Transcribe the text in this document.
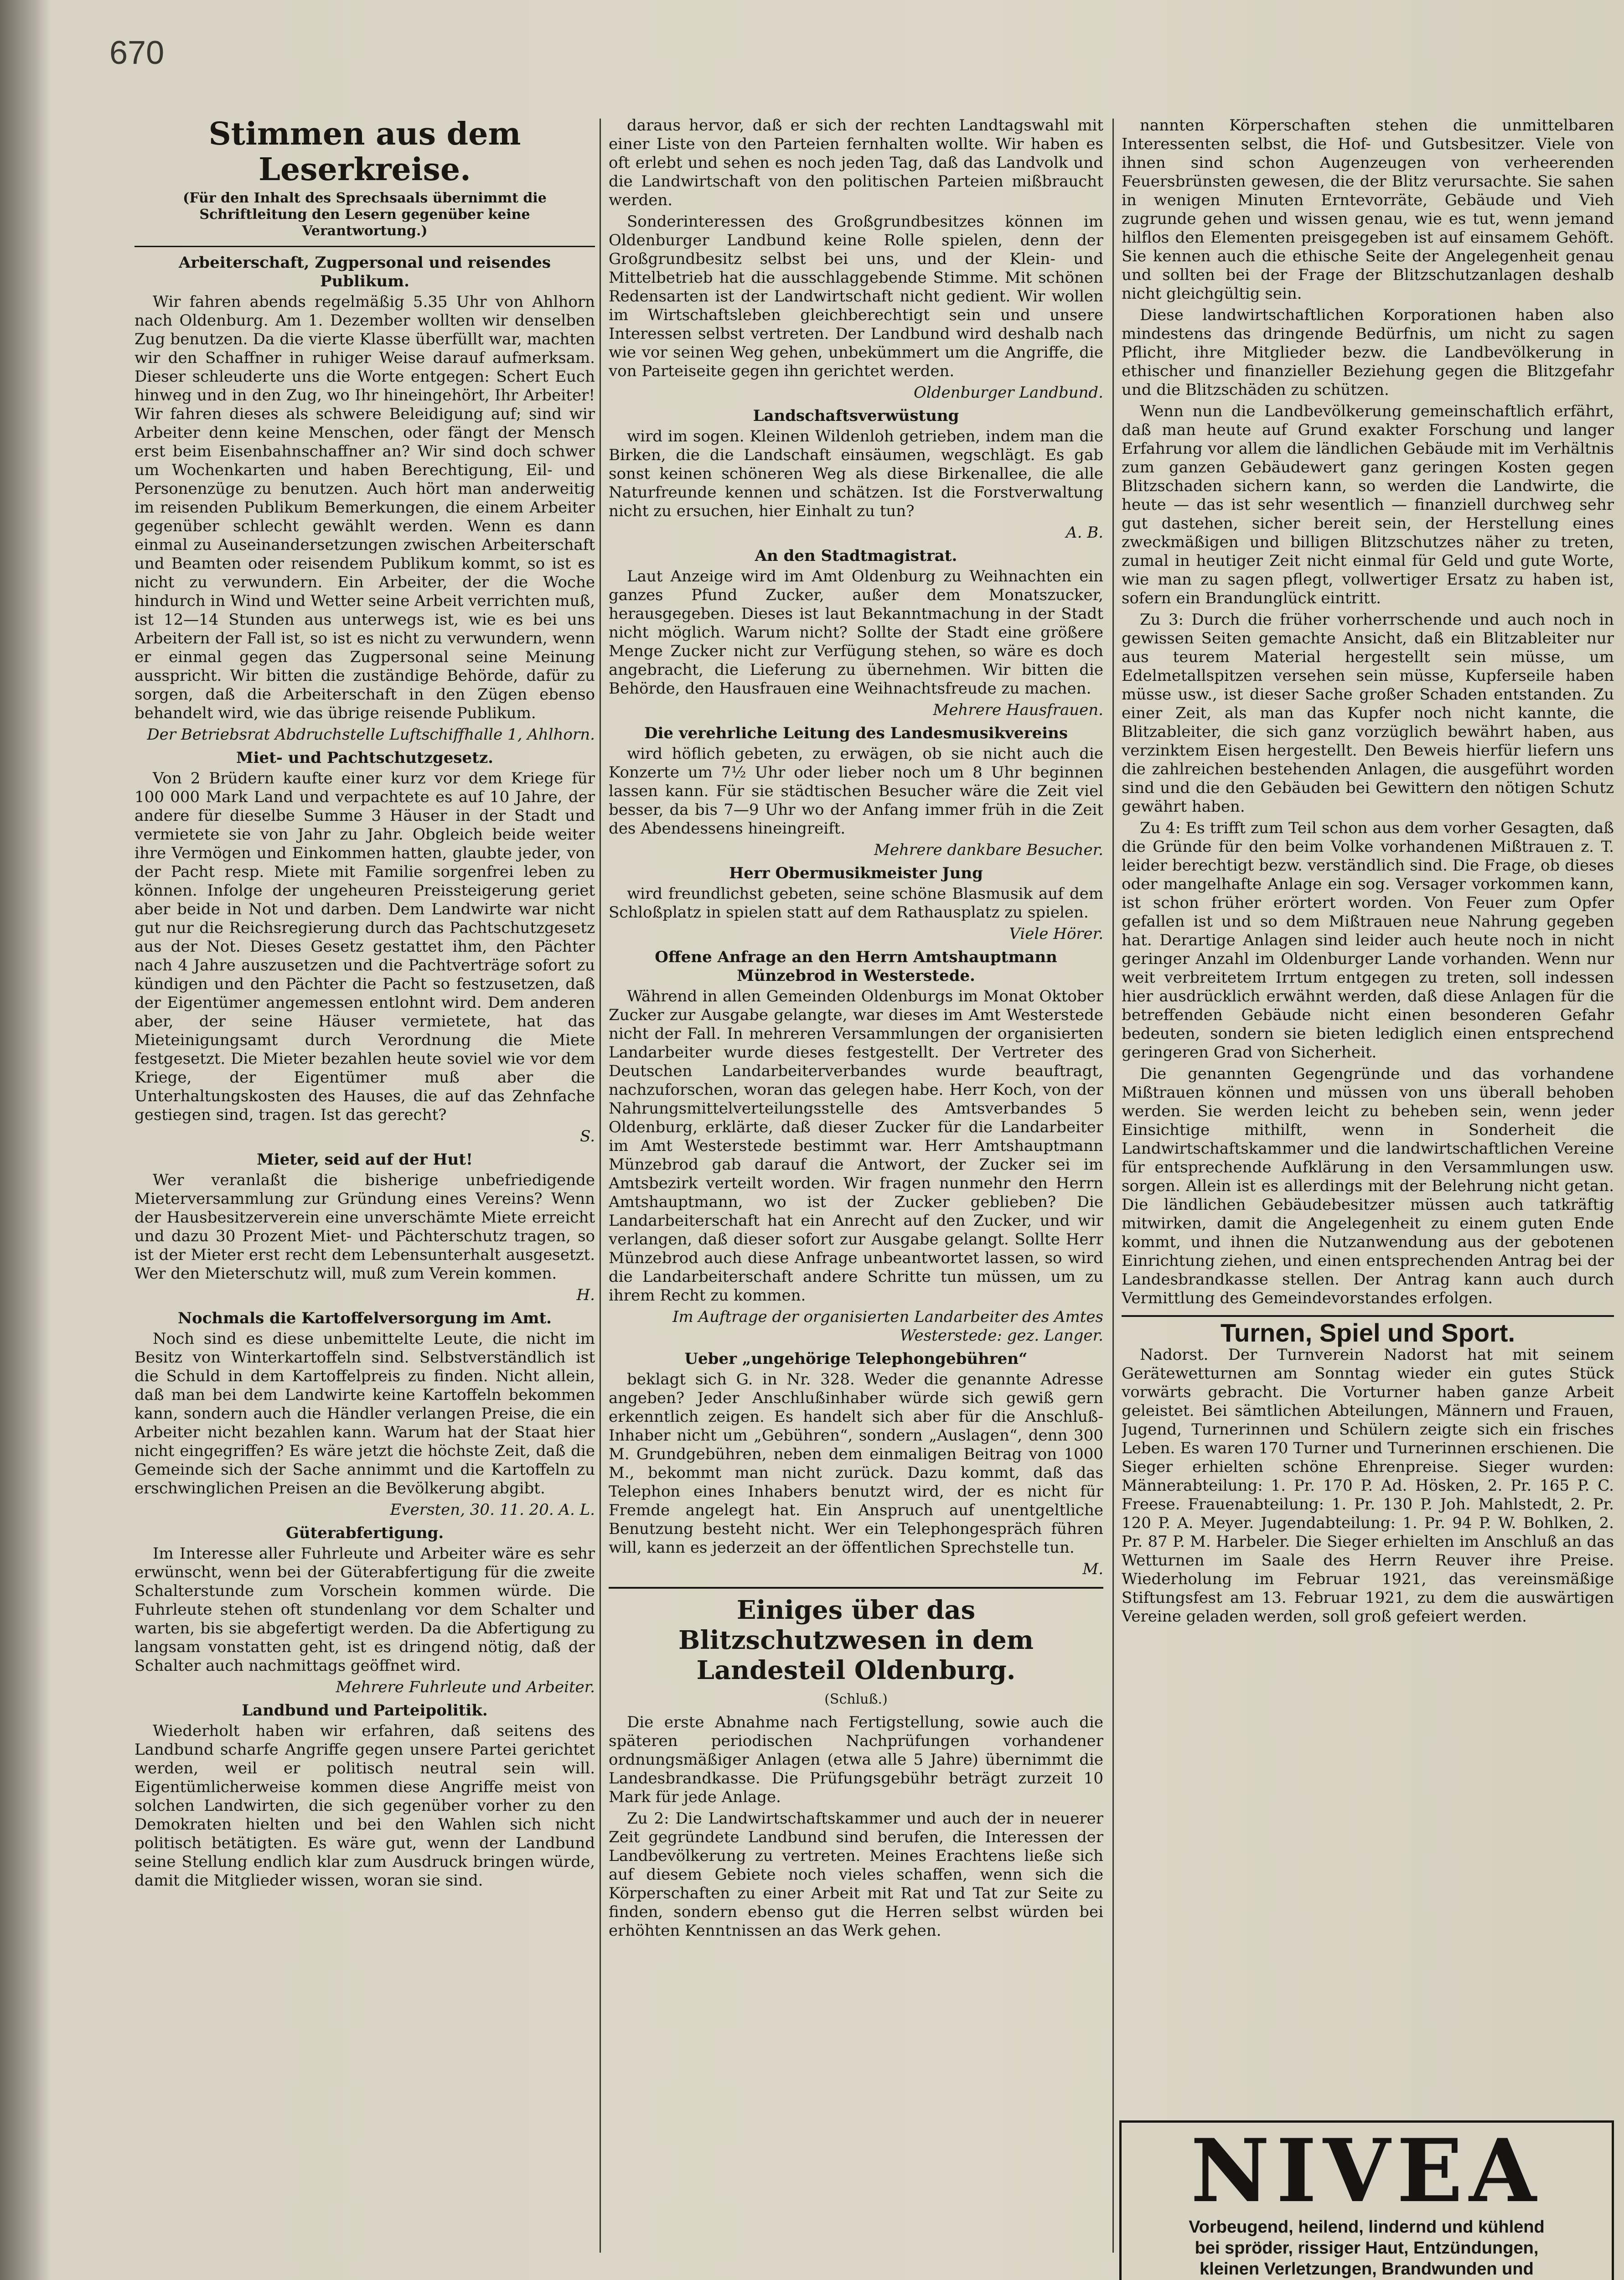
670
Stimmen aus dem Leserkreise.
(Für den Inhalt des Sprechsaals übernimmt die Schriftleitung den Lesern gegenüber keine Verantwortung.)
Arbeiterschaft, Zugpersonal und reisendes Publikum.

Wir fahren abends regelmäßig 5.35 Uhr von Ahlhorn nach Oldenburg. Am 1. Dezember wollten wir denselben Zug benutzen. Da die vierte Klasse überfüllt war, machten wir den Schaffner in ruhiger Weise darauf aufmerksam. Dieser schleuderte uns die Worte entgegen: Schert Euch hinweg und in den Zug, wo Ihr hineingehört, Ihr Arbeiter! Wir fahren dieses als schwere Beleidigung auf; sind wir Arbeiter denn keine Menschen, oder fängt der Mensch erst beim Eisenbahnschaffner an? Wir sind doch schwer um Wochenkarten und haben Berechtigung, Eil- und Personenzüge zu benutzen. Auch hört man anderweitig im reisenden Publikum Bemerkungen, die einem Arbeiter gegenüber schlecht gewählt werden. Wenn es dann einmal zu Auseinandersetzungen zwischen Arbeiterschaft und Beamten oder reisendem Publikum kommt, so ist es nicht zu verwundern. Ein Arbeiter, der die Woche hindurch in Wind und Wetter seine Arbeit verrichten muß, ist 12—14 Stunden aus unterwegs ist, wie es bei uns Arbeitern der Fall ist, so ist es nicht zu verwundern, wenn er einmal gegen das Zugpersonal seine Meinung ausspricht. Wir bitten die zuständige Behörde, dafür zu sorgen, daß die Arbeiterschaft in den Zügen ebenso behandelt wird, wie das übrige reisende Publikum.

Der Betriebsrat Abdruchstelle Luftschiffhalle 1, Ahlhorn.
Miet- und Pachtschutzgesetz.

Von 2 Brüdern kaufte einer kurz vor dem Kriege für 100 000 Mark Land und verpachtete es auf 10 Jahre, der andere für dieselbe Summe 3 Häuser in der Stadt und vermietete sie von Jahr zu Jahr. Obgleich beide weiter ihre Vermögen und Einkommen hatten, glaubte jeder, von der Pacht resp. Miete mit Familie sorgenfrei leben zu können. Infolge der ungeheuren Preissteigerung geriet aber beide in Not und darben. Dem Landwirte war nicht gut nur die Reichsregierung durch das Pachtschutzgesetz aus der Not. Dieses Gesetz gestattet ihm, den Pächter nach 4 Jahre auszusetzen und die Pachtverträge sofort zu kündigen und den Pächter die Pacht so festzusetzen, daß der Eigentümer angemessen entlohnt wird. Dem anderen aber, der seine Häuser vermietete, hat das Mieteinigungsamt durch Verordnung die Miete festgesetzt. Die Mieter bezahlen heute soviel wie vor dem Kriege, der Eigentümer muß aber die Unterhaltungskosten des Hauses, die auf das Zehnfache gestiegen sind, tragen. Ist das gerecht?

S.
Mieter, seid auf der Hut!

Wer veranlaßt die bisherige unbefriedigende Mieterversammlung zur Gründung eines Vereins? Wenn der Hausbesitzerverein eine unverschämte Miete erreicht und dazu 30 Prozent Miet- und Pächterschutz tragen, so ist der Mieter erst recht dem Lebensunterhalt ausgesetzt. Wer den Mieterschutz will, muß zum Verein kommen.

H.
Nochmals die Kartoffelversorgung im Amt.

Noch sind es diese unbemittelte Leute, die nicht im Besitz von Winterkartoffeln sind. Selbstverständlich ist die Schuld in dem Kartoffelpreis zu finden. Nicht allein, daß man bei dem Landwirte keine Kartoffeln bekommen kann, sondern auch die Händler verlangen Preise, die ein Arbeiter nicht bezahlen kann. Warum hat der Staat hier nicht eingegriffen? Es wäre jetzt die höchste Zeit, daß die Gemeinde sich der Sache annimmt und die Kartoffeln zu erschwinglichen Preisen an die Bevölkerung abgibt.

Eversten, 30. 11. 20. A. L.
Güterabfertigung.

Im Interesse aller Fuhrleute und Arbeiter wäre es sehr erwünscht, wenn bei der Güterabfertigung für die zweite Schalterstunde zum Vorschein kommen würde. Die Fuhrleute stehen oft stundenlang vor dem Schalter und warten, bis sie abgefertigt werden. Da die Abfertigung zu langsam vonstatten geht, ist es dringend nötig, daß der Schalter auch nachmittags geöffnet wird.

Mehrere Fuhrleute und Arbeiter.
Landbund und Parteipolitik.

Wiederholt haben wir erfahren, daß seitens des Landbund scharfe Angriffe gegen unsere Partei gerichtet werden, weil er politisch neutral sein will. Eigentümlicherweise kommen diese Angriffe meist von solchen Landwirten, die sich gegenüber vorher zu den Demokraten hielten und bei den Wahlen sich nicht politisch betätigten. Es wäre gut, wenn der Landbund seine Stellung endlich klar zum Ausdruck bringen würde, damit die Mitglieder wissen, woran sie sind.

daraus hervor, daß er sich der rechten Landtagswahl mit einer Liste von den Parteien fernhalten wollte. Wir haben es oft erlebt und sehen es noch jeden Tag, daß das Landvolk und die Landwirtschaft von den politischen Parteien mißbraucht werden.

Sonderinteressen des Großgrundbesitzes können im Oldenburger Landbund keine Rolle spielen, denn der Großgrundbesitz selbst bei uns, und der Klein- und Mittelbetrieb hat die ausschlaggebende Stimme. Mit schönen Redensarten ist der Landwirtschaft nicht gedient. Wir wollen im Wirtschaftsleben gleichberechtigt sein und unsere Interessen selbst vertreten. Der Landbund wird deshalb nach wie vor seinen Weg gehen, unbekümmert um die Angriffe, die von Parteiseite gegen ihn gerichtet werden.

Oldenburger Landbund.
Landschaftsverwüstung

wird im sogen. Kleinen Wildenloh getrieben, indem man die Birken, die die Landschaft einsäumen, wegschlägt. Es gab sonst keinen schöneren Weg als diese Birkenallee, die alle Naturfreunde kennen und schätzen. Ist die Forstverwaltung nicht zu ersuchen, hier Einhalt zu tun?

A. B.
An den Stadtmagistrat.

Laut Anzeige wird im Amt Oldenburg zu Weihnachten ein ganzes Pfund Zucker, außer dem Monatszucker, herausgegeben. Dieses ist laut Bekanntmachung in der Stadt nicht möglich. Warum nicht? Sollte der Stadt eine größere Menge Zucker nicht zur Verfügung stehen, so wäre es doch angebracht, die Lieferung zu übernehmen. Wir bitten die Behörde, den Hausfrauen eine Weihnachtsfreude zu machen.

Mehrere Hausfrauen.
Die verehrliche Leitung des Landesmusikvereins

wird höflich gebeten, zu erwägen, ob sie nicht auch die Konzerte um 7½ Uhr oder lieber noch um 8 Uhr beginnen lassen kann. Für sie städtischen Besucher wäre die Zeit viel besser, da bis 7—9 Uhr wo der Anfang immer früh in die Zeit des Abendessens hineingreift.

Mehrere dankbare Besucher.
Herr Obermusikmeister Jung

wird freundlichst gebeten, seine schöne Blasmusik auf dem Schloßplatz in spielen statt auf dem Rathausplatz zu spielen.

Viele Hörer.
Offene Anfrage an den Herrn Amtshauptmann Münzebrod in Westerstede.

Während in allen Gemeinden Oldenburgs im Monat Oktober Zucker zur Ausgabe gelangte, war dieses im Amt Westerstede nicht der Fall. In mehreren Versammlungen der organisierten Landarbeiter wurde dieses festgestellt. Der Vertreter des Deutschen Landarbeiterverbandes wurde beauftragt, nachzuforschen, woran das gelegen habe. Herr Koch, von der Nahrungsmittelverteilungsstelle des Amtsverbandes 5 Oldenburg, erklärte, daß dieser Zucker für die Landarbeiter im Amt Westerstede bestimmt war. Herr Amtshauptmann Münzebrod gab darauf die Antwort, der Zucker sei im Amtsbezirk verteilt worden. Wir fragen nunmehr den Herrn Amtshauptmann, wo ist der Zucker geblieben? Die Landarbeiterschaft hat ein Anrecht auf den Zucker, und wir verlangen, daß dieser sofort zur Ausgabe gelangt. Sollte Herr Münzebrod auch diese Anfrage unbeantwortet lassen, so wird die Landarbeiterschaft andere Schritte tun müssen, um zu ihrem Recht zu kommen.

Im Auftrage der organisierten Landarbeiter des Amtes Westerstede: gez. Langer.
Ueber „ungehörige Telephongebühren“

beklagt sich G. in Nr. 328. Weder die genannte Adresse angeben? Jeder Anschlußinhaber würde sich gewiß gern erkenntlich zeigen. Es handelt sich aber für die Anschluß-Inhaber nicht um „Gebühren“, sondern „Auslagen“, denn 300 M. Grundgebühren, neben dem einmaligen Beitrag von 1000 M., bekommt man nicht zurück. Dazu kommt, daß das Telephon eines Inhabers benutzt wird, der es nicht für Fremde angelegt hat. Ein Anspruch auf unentgeltliche Benutzung besteht nicht. Wer ein Telephongespräch führen will, kann es jederzeit an der öffentlichen Sprechstelle tun.

M.
Einiges über das Blitzschutzwesen in dem Landesteil Oldenburg.
(Schluß.)

Die erste Abnahme nach Fertigstellung, sowie auch die späteren periodischen Nachprüfungen vorhandener ordnungsmäßiger Anlagen (etwa alle 5 Jahre) übernimmt die Landesbrandkasse. Die Prüfungsgebühr beträgt zurzeit 10 Mark für jede Anlage.

Zu 2: Die Landwirtschaftskammer und auch der in neuerer Zeit gegründete Landbund sind berufen, die Interessen der Landbevölkerung zu vertreten. Meines Erachtens ließe sich auf diesem Gebiete noch vieles schaffen, wenn sich die Körperschaften zu einer Arbeit mit Rat und Tat zur Seite zu finden, sondern ebenso gut die Herren selbst würden bei erhöhten Kenntnissen an das Werk gehen.

nannten Körperschaften stehen die unmittelbaren Interessenten selbst, die Hof- und Gutsbesitzer. Viele von ihnen sind schon Augenzeugen von verheerenden Feuersbrünsten gewesen, die der Blitz verursachte. Sie sahen in wenigen Minuten Erntevorräte, Gebäude und Vieh zugrunde gehen und wissen genau, wie es tut, wenn jemand hilflos den Elementen preisgegeben ist auf einsamem Gehöft. Sie kennen auch die ethische Seite der Angelegenheit genau und sollten bei der Frage der Blitzschutzanlagen deshalb nicht gleichgültig sein.

Diese landwirtschaftlichen Korporationen haben also mindestens das dringende Bedürfnis, um nicht zu sagen Pflicht, ihre Mitglieder bezw. die Landbevölkerung in ethischer und finanzieller Beziehung gegen die Blitzgefahr und die Blitzschäden zu schützen.

Wenn nun die Landbevölkerung gemeinschaftlich erfährt, daß man heute auf Grund exakter Forschung und langer Erfahrung vor allem die ländlichen Gebäude mit im Verhältnis zum ganzen Gebäudewert ganz geringen Kosten gegen Blitzschaden sichern kann, so werden die Landwirte, die heute — das ist sehr wesentlich — finanziell durchweg sehr gut dastehen, sicher bereit sein, der Herstellung eines zweckmäßigen und billigen Blitzschutzes näher zu treten, zumal in heutiger Zeit nicht einmal für Geld und gute Worte, wie man zu sagen pflegt, vollwertiger Ersatz zu haben ist, sofern ein Brandunglück eintritt.

Zu 3: Durch die früher vorherrschende und auch noch in gewissen Seiten gemachte Ansicht, daß ein Blitzableiter nur aus teurem Material hergestellt sein müsse, um Edelmetallspitzen versehen sein müsse, Kupferseile haben müsse usw., ist dieser Sache großer Schaden entstanden. Zu einer Zeit, als man das Kupfer noch nicht kannte, die Blitzableiter, die sich ganz vorzüglich bewährt haben, aus verzinktem Eisen hergestellt. Den Beweis hierfür liefern uns die zahlreichen bestehenden Anlagen, die ausgeführt worden sind und die den Gebäuden bei Gewittern den nötigen Schutz gewährt haben.

Zu 4: Es trifft zum Teil schon aus dem vorher Gesagten, daß die Gründe für den beim Volke vorhandenen Mißtrauen z. T. leider berechtigt bezw. verständlich sind. Die Frage, ob dieses oder mangelhafte Anlage ein sog. Versager vorkommen kann, ist schon früher erörtert worden. Von Feuer zum Opfer gefallen ist und so dem Mißtrauen neue Nahrung gegeben hat. Derartige Anlagen sind leider auch heute noch in nicht geringer Anzahl im Oldenburger Lande vorhanden. Wenn nur weit verbreitetem Irrtum entgegen zu treten, soll indessen hier ausdrücklich erwähnt werden, daß diese Anlagen für die betreffenden Gebäude nicht einen besonderen Gefahr bedeuten, sondern sie bieten lediglich einen entsprechend geringeren Grad von Sicherheit.

Die genannten Gegengründe und das vorhandene Mißtrauen können und müssen von uns überall behoben werden. Sie werden leicht zu beheben sein, wenn jeder Einsichtige mithilft, wenn in Sonderheit die Landwirtschaftskammer und die landwirtschaftlichen Vereine für entsprechende Aufklärung in den Versammlungen usw. sorgen. Allein ist es allerdings mit der Belehrung nicht getan. Die ländlichen Gebäudebesitzer müssen auch tatkräftig mitwirken, damit die Angelegenheit zu einem guten Ende kommt, und ihnen die Nutzanwendung aus der gebotenen Einrichtung ziehen, und einen entsprechenden Antrag bei der Landesbrandkasse stellen. Der Antrag kann auch durch Vermittlung des Gemeindevorstandes erfolgen.

Turnen, Spiel und Sport.

Nadorst. Der Turnverein Nadorst hat mit seinem Gerätewetturnen am Sonntag wieder ein gutes Stück vorwärts gebracht. Die Vorturner haben ganze Arbeit geleistet. Bei sämtlichen Abteilungen, Männern und Frauen, Jugend, Turnerinnen und Schülern zeigte sich ein frisches Leben. Es waren 170 Turner und Turnerinnen erschienen. Die Sieger erhielten schöne Ehrenpreise. Sieger wurden: Männerabteilung: 1. Pr. 170 P. Ad. Hösken, 2. Pr. 165 P. C. Freese. Frauenabteilung: 1. Pr. 130 P. Joh. Mahlstedt, 2. Pr. 120 P. A. Meyer. Jugendabteilung: 1. Pr. 94 P. W. Bohlken, 2. Pr. 87 P. M. Harbeler. Die Sieger erhielten im Anschluß an das Wetturnen im Saale des Herrn Reuver ihre Preise. Wiederholung im Februar 1921, das vereinsmäßige Stiftungsfest am 13. Februar 1921, zu dem die auswärtigen Vereine geladen werden, soll groß gefeiert werden.

NIVEA
Vorbeugend, heilend, lindernd und kühlend
bei spröder, rissiger Haut, Entzündungen,
kleinen Verletzungen, Brandwunden und
